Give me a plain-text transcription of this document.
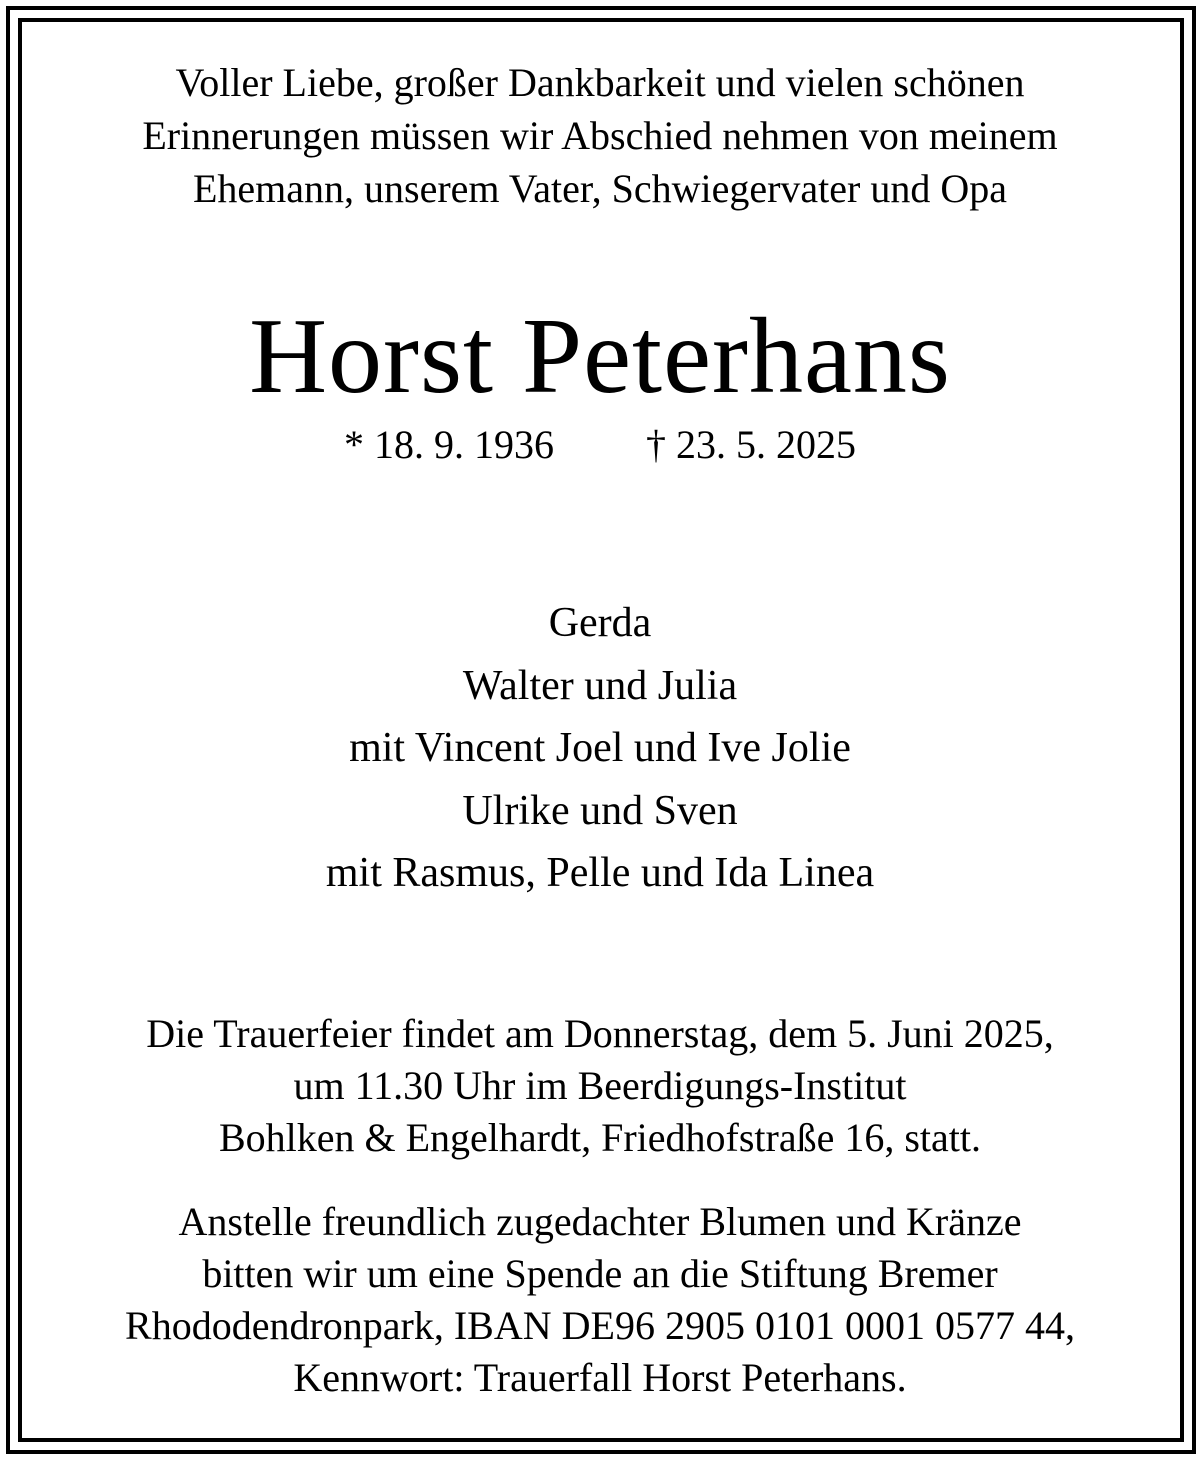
Voller Liebe, großer Dankbarkeit und vielen schönen
Erinnerungen müssen wir Abschied nehmen von meinem
Ehemann, unserem Vater, Schwiegervater und Opa
Horst Peterhans
* 18. 9. 1936 † 23. 5. 2025
Gerda
Walter und Julia
mit Vincent Joel und Ive Jolie
Ulrike und Sven
mit Rasmus, Pelle und Ida Linea
Die Trauerfeier findet am Donnerstag, dem 5. Juni 2025,
um 11.30 Uhr im Beerdigungs-Institut
Bohlken & Engelhardt, Friedhofstraße 16, statt.
Anstelle freundlich zugedachter Blumen und Kränze
bitten wir um eine Spende an die Stiftung Bremer
Rhododendronpark, IBAN DE96 2905 0101 0001 0577 44,
Kennwort: Trauerfall Horst Peterhans.
